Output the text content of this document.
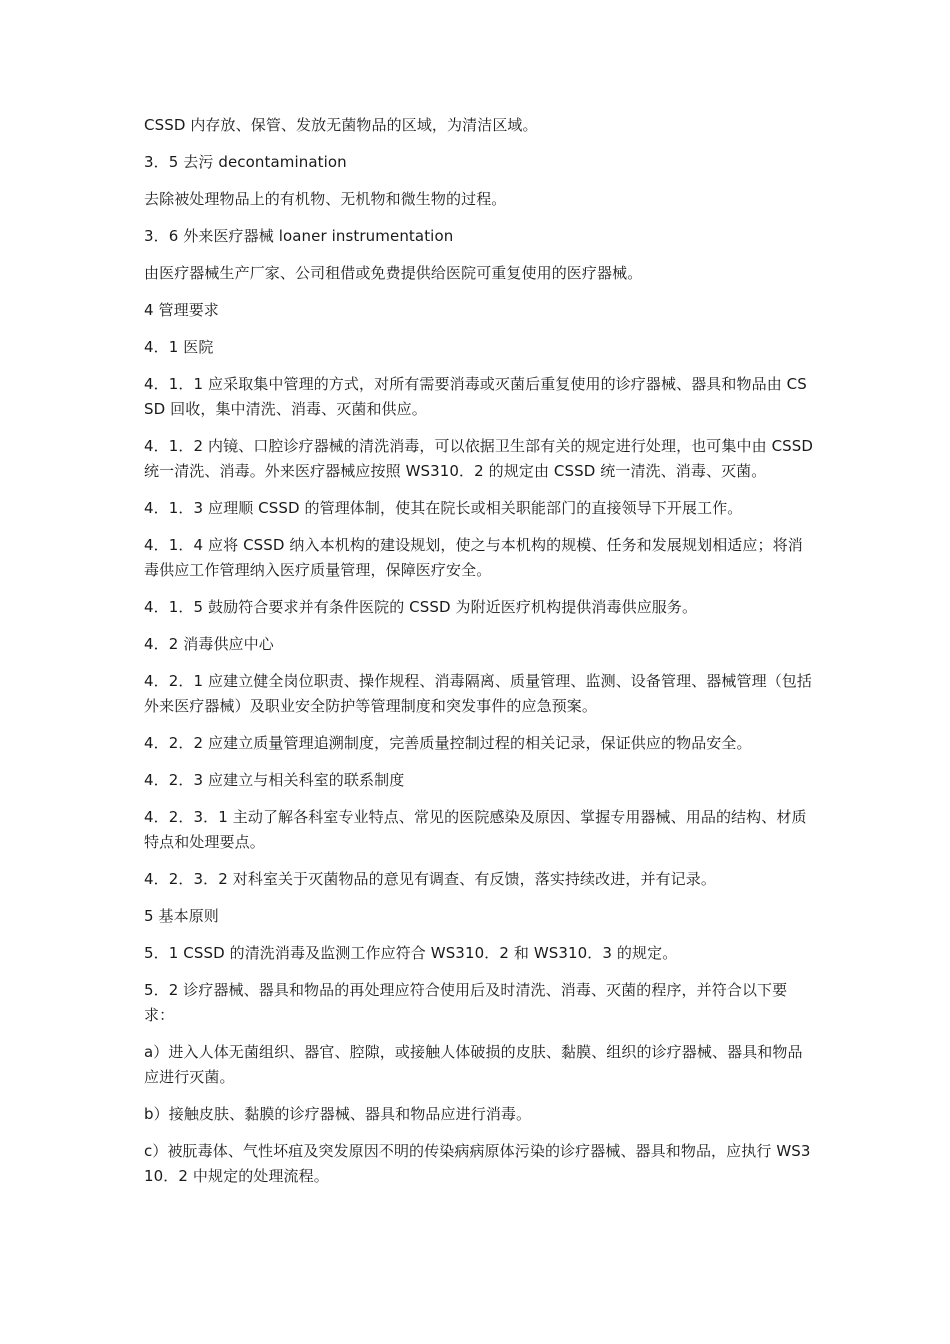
CSSD 内存放、保管、发放无菌物品的区域，为清洁区域。

3．5 去污 decontamination

去除被处理物品上的有机物、无机物和微生物的过程。

3．6 外来医疗器械 loaner instrumentation

由医疗器械生产厂家、公司租借或免费提供给医院可重复使用的医疗器械。

4 管理要求

4．1 医院

4．1．1 应采取集中管理的方式，对所有需要消毒或灭菌后重复使用的诊疗器械、器具和物品由 CSSD 回收，集中清洗、消毒、灭菌和供应。

4．1．2 内镜、口腔诊疗器械的清洗消毒，可以依据卫生部有关的规定进行处理，也可集中由 CSSD 统一清洗、消毒。外来医疗器械应按照 WS310．2 的规定由 CSSD 统一清洗、消毒、灭菌。

4．1．3 应理顺 CSSD 的管理体制，使其在院长或相关职能部门的直接领导下开展工作。

4．1．4 应将 CSSD 纳入本机构的建设规划，使之与本机构的规模、任务和发展规划相适应；将消毒供应工作管理纳入医疗质量管理，保障医疗安全。

4．1．5 鼓励符合要求并有条件医院的 CSSD 为附近医疗机构提供消毒供应服务。

4．2 消毒供应中心

4．2．1 应建立健全岗位职责、操作规程、消毒隔离、质量管理、监测、设备管理、器械管理（包括外来医疗器械）及职业安全防护等管理制度和突发事件的应急预案。

4．2．2 应建立质量管理追溯制度，完善质量控制过程的相关记录，保证供应的物品安全。

4．2．3 应建立与相关科室的联系制度

4．2．3．1 主动了解各科室专业特点、常见的医院感染及原因、掌握专用器械、用品的结构、材质特点和处理要点。

4．2．3．2 对科室关于灭菌物品的意见有调查、有反馈，落实持续改进，并有记录。

5 基本原则

5．1 CSSD 的清洗消毒及监测工作应符合 WS310．2 和 WS310．3 的规定。

5．2 诊疗器械、器具和物品的再处理应符合使用后及时清洗、消毒、灭菌的程序，并符合以下要求：

a）进入人体无菌组织、器官、腔隙，或接触人体破损的皮肤、黏膜、组织的诊疗器械、器具和物品应进行灭菌。

b）接触皮肤、黏膜的诊疗器械、器具和物品应进行消毒。

c）被朊毒体、气性坏疽及突发原因不明的传染病病原体污染的诊疗器械、器具和物品，应执行 WS310．2 中规定的处理流程。
